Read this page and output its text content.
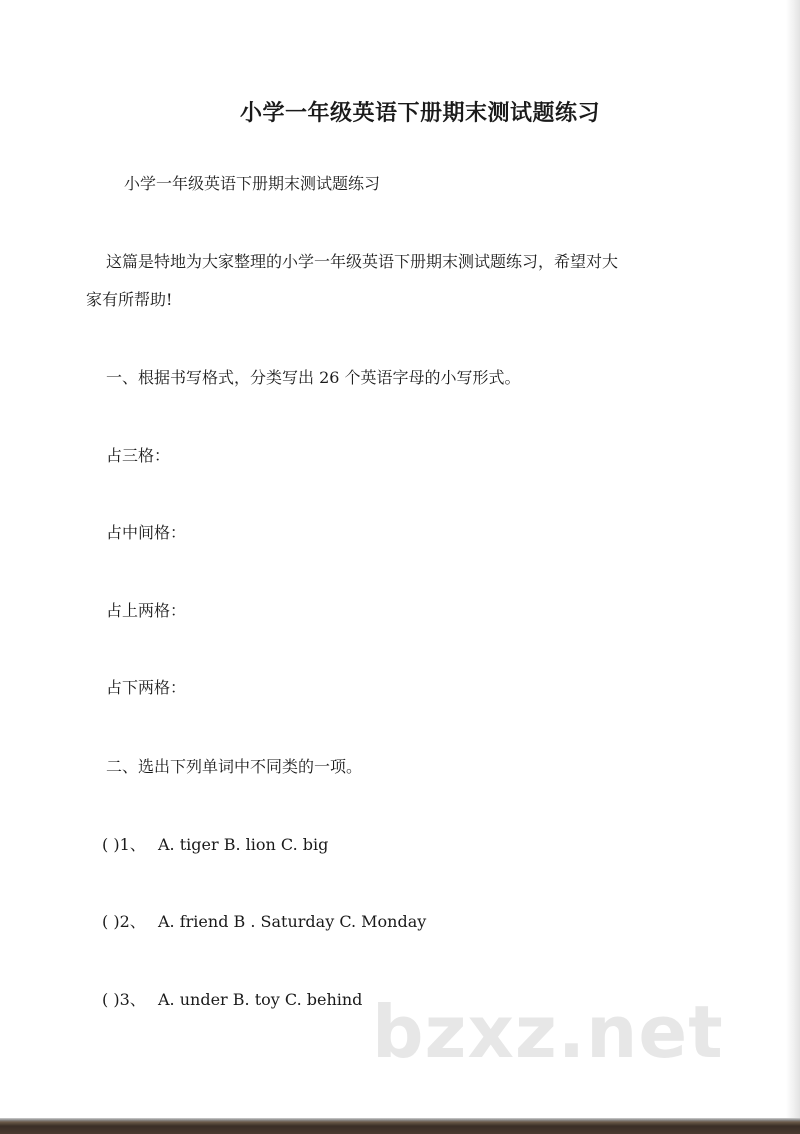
小学一年级英语下册期末测试题练习
小学一年级英语下册期末测试题练习
这篇是特地为大家整理的小学一年级英语下册期末测试题练习，希望对大
家有所帮助!
一、根据书写格式，分类写出 26 个英语字母的小写形式。
占三格：
占中间格：
占上两格：
占下两格：
二、选出下列单词中不同类的一项。
( )1、 A. tiger B. lion C. big
( )2、 A. friend B . Saturday C. Monday
( )3、 A. under B. toy C. behind bzxz.net
